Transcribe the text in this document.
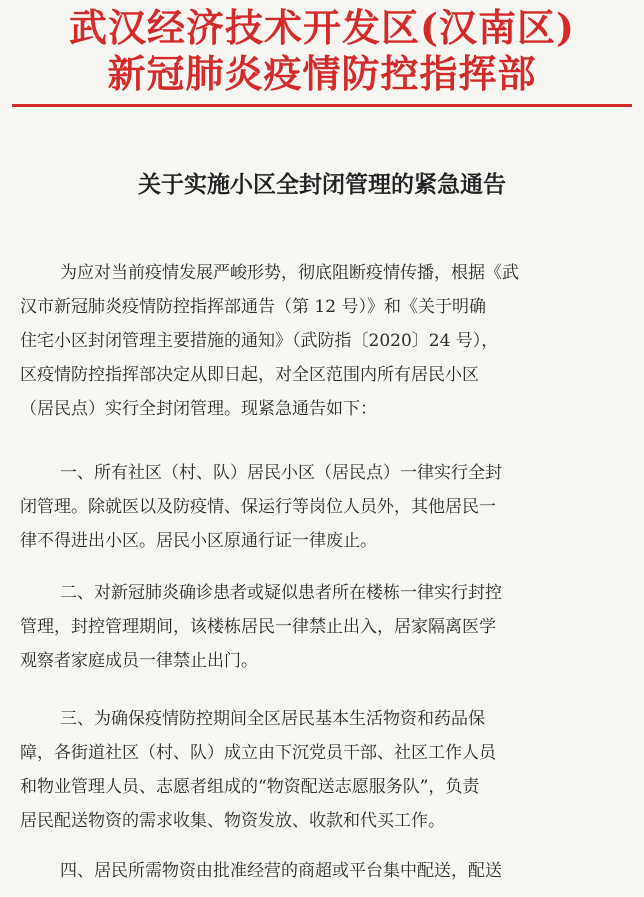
武汉经济技术开发区(汉南区)
新冠肺炎疫情防控指挥部
关于实施小区全封闭管理的紧急通告
为应对当前疫情发展严峻形势，彻底阻断疫情传播，根据《武
汉市新冠肺炎疫情防控指挥部通告（第 12 号）》和《关于明确
住宅小区封闭管理主要措施的通知》（武防指〔2020〕24 号），
区疫情防控指挥部决定从即日起，对全区范围内所有居民小区
（居民点）实行全封闭管理。现紧急通告如下：
一、所有社区（村、队）居民小区（居民点）一律实行全封
闭管理。除就医以及防疫情、保运行等岗位人员外，其他居民一
律不得进出小区。居民小区原通行证一律废止。
二、对新冠肺炎确诊患者或疑似患者所在楼栋一律实行封控
管理，封控管理期间，该楼栋居民一律禁止出入，居家隔离医学
观察者家庭成员一律禁止出门。
三、为确保疫情防控期间全区居民基本生活物资和药品保
障，各街道社区（村、队）成立由下沉党员干部、社区工作人员
和物业管理人员、志愿者组成的“物资配送志愿服务队”，负责
居民配送物资的需求收集、物资发放、收款和代买工作。
四、居民所需物资由批准经营的商超或平台集中配送，配送
